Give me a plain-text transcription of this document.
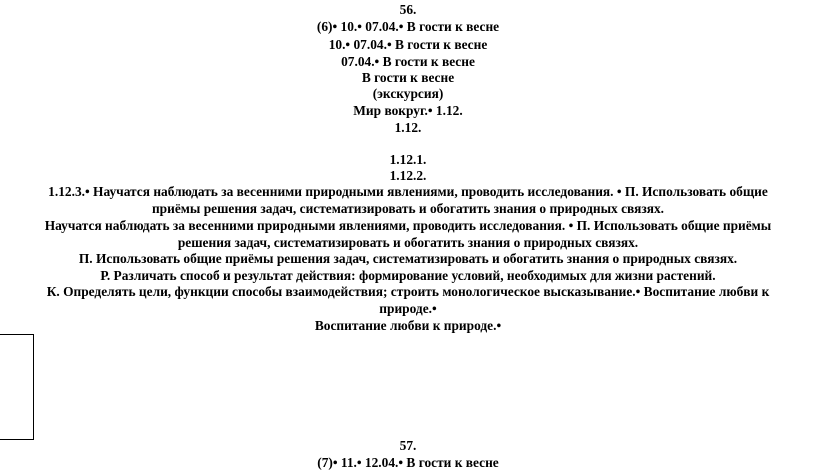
56.
(6)• 10.• 07.04.• В гости к весне
10.• 07.04.• В гости к весне
07.04.• В гости к весне
В гости к весне
(экскурсия)
Мир вокруг.• 1.12.
1.12.
1.12.1.
1.12.2.
1.12.3.• Научатся наблюдать за весенними природными явлениями, проводить исследования. • П. Использовать общие
приёмы решения задач, систематизировать и обогатить знания о природных связях.
Научатся наблюдать за весенними природными явлениями, проводить исследования. • П. Использовать общие приёмы
решения задач, систематизировать и обогатить знания о природных связях.
П. Использовать общие приёмы решения задач, систематизировать и обогатить знания о природных связях.
Р. Различать способ и результат действия: формирование условий, необходимых для жизни растений.
К. Определять цели, функции способы взаимодействия; строить монологическое высказывание.• Воспитание любви к
природе.•
Воспитание любви к природе.•
57.
(7)• 11.• 12.04.• В гости к весне
